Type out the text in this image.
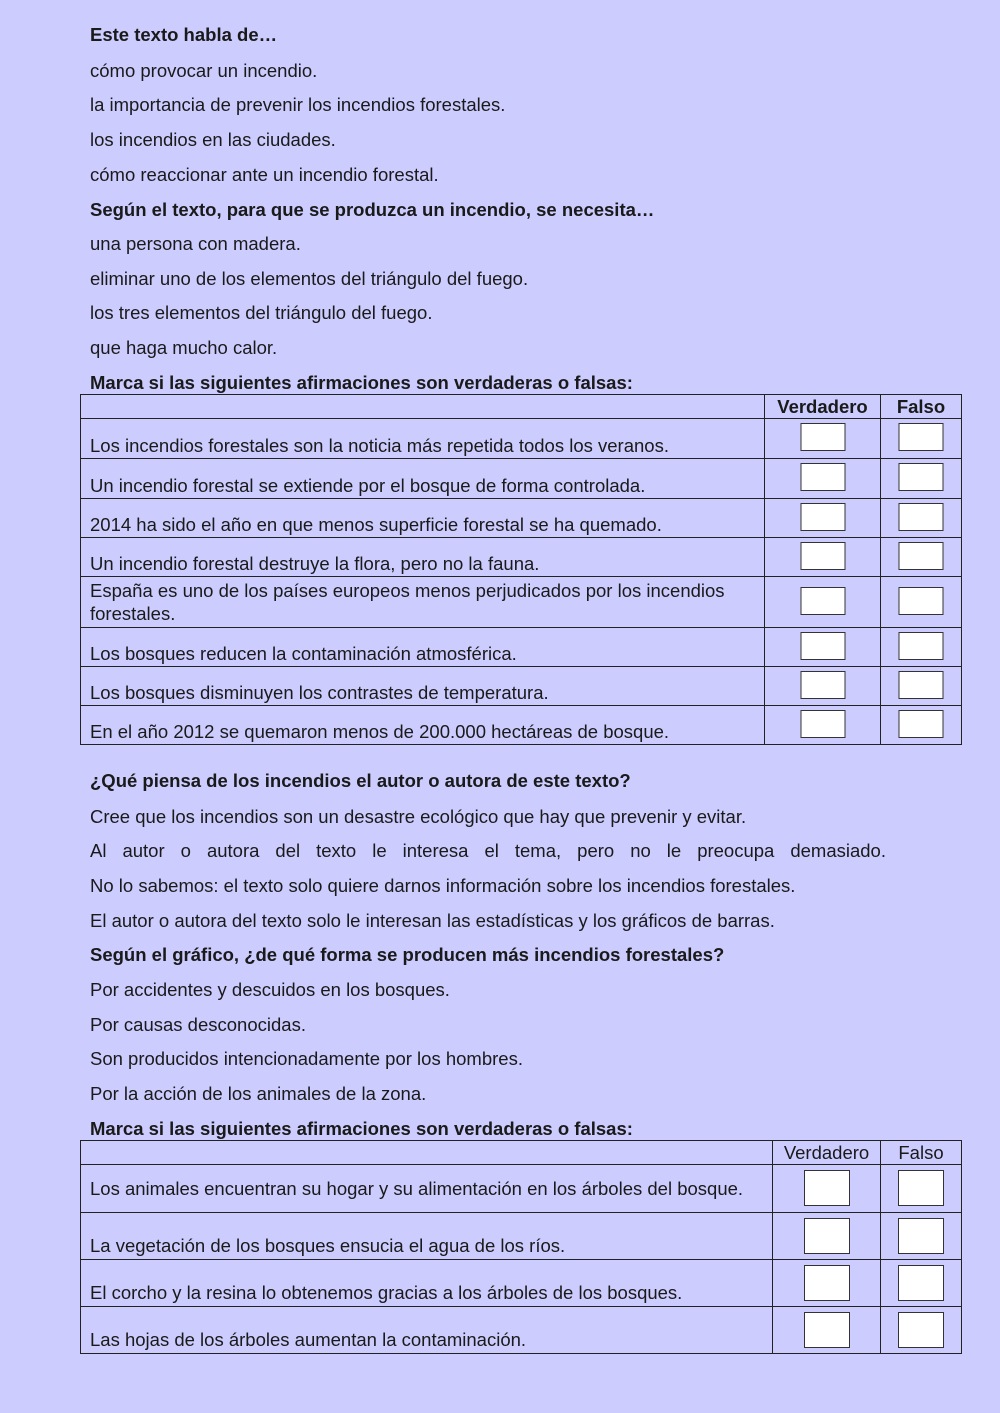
Este texto habla de…
cómo provocar un incendio.
la importancia de prevenir los incendios forestales.
los incendios en las ciudades.
cómo reaccionar ante un incendio forestal.
Según el texto, para que se produzca un incendio, se necesita…
una persona con madera.
eliminar uno de los elementos del triángulo del fuego.
los tres elementos del triángulo del fuego.
que haga mucho calor.
Marca si las siguientes afirmaciones son verdaderas o falsas:
	Verdadero	Falso
Los incendios forestales son la noticia más repetida todos los veranos.	

Un incendio forestal se extiende por el bosque de forma controlada.	

2014 ha sido el año en que menos superficie forestal se ha quemado.	

Un incendio forestal destruye la flora, pero no la fauna.	

España es uno de los países europeos menos perjudicados por los incendios forestales.	

Los bosques reducen la contaminación atmosférica.	

Los bosques disminuyen los contrastes de temperatura.	

En el año 2012 se quemaron menos de 200.000 hectáreas de bosque.	

¿Qué piensa de los incendios el autor o autora de este texto?
Cree que los incendios son un desastre ecológico que hay que prevenir y evitar.
Al autor o autora del texto le interesa el tema, pero no le preocupa demasiado.
No lo sabemos: el texto solo quiere darnos información sobre los incendios forestales.
El autor o autora del texto solo le interesan las estadísticas y los gráficos de barras.
Según el gráfico, ¿de qué forma se producen más incendios forestales?
Por accidentes y descuidos en los bosques.
Por causas desconocidas.
Son producidos intencionadamente por los hombres.
Por la acción de los animales de la zona.
Marca si las siguientes afirmaciones son verdaderas o falsas:
	Verdadero	Falso
Los animales encuentran su hogar y su alimentación en los árboles del bosque.	

La vegetación de los bosques ensucia el agua de los ríos.	

El corcho y la resina lo obtenemos gracias a los árboles de los bosques.	

Las hojas de los árboles aumentan la contaminación.	
